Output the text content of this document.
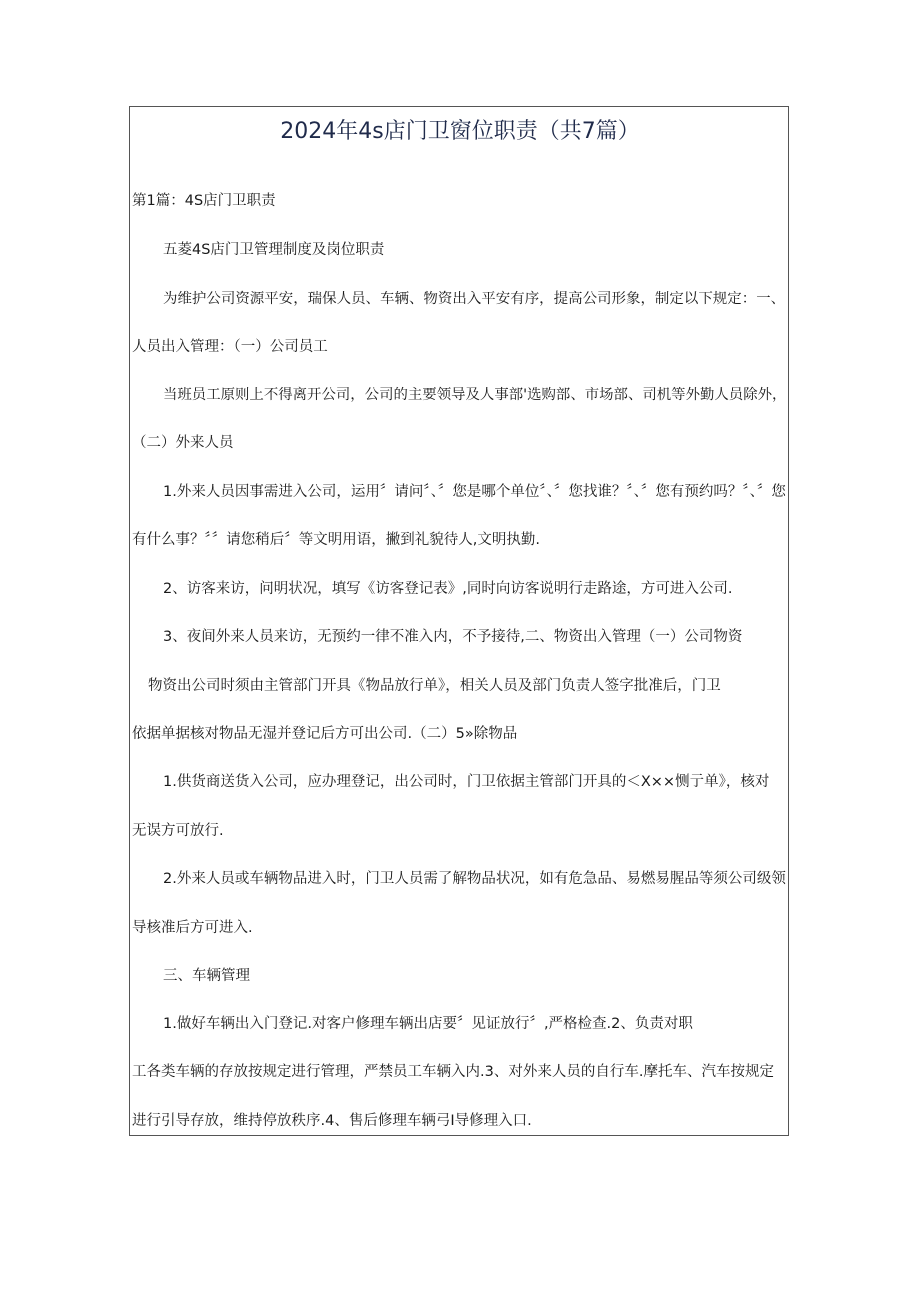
2024年4s店门卫窗位职责（共7篇）
第1篇：4S店门卫职责
五菱4S店门卫管理制度及岗位职责
为维护公司资源平安，瑞保人员、车辆、物资出入平安有序，提高公司形象，制定以下规定：一、
人员出入管理：（一）公司员工
当班员工原则上不得离开公司，公司的主要领导及人事部'选购部、市场部、司机等外勤人员除外，
（二）外来人员
1.外来人员因事需进入公司，运用〞请问〞、〞您是哪个单位〞、〞您找谁？〞、〞您有预约吗？〞、〞您
有什么事？〞〞请您稍后〞等文明用语，撇到礼貌待人,文明执勤.
2、访客来访，问明状况，填写《访客登记表》,同时向访客说明行走路途，方可进入公司.
3、夜间外来人员来访，无预约一律不准入内，不予接待,二、物资出入管理（一）公司物资
物资出公司时须由主管部门开具《物品放行单》，相关人员及部门负责人签字批准后，门卫
依据单据核对物品无湿并登记后方可出公司.（二）5»除物品
1.供货商送货入公司，应办理登记，出公司时，门卫依据主管部门开具的＜X××恻亍单》，核对
无误方可放行.
2.外来人员或车辆物品进入时，门卫人员需了解物品状况，如有危急品、易燃易腥品等须公司级领
导核准后方可进入.
三、车辆管理
1.做好车辆出入门登记.对客户修理车辆出店要〞见证放行〞,严格检查.2、负责对职
工各类车辆的存放按规定进行管理，严禁员工车辆入内.3、对外来人员的自行车.摩托车、汽车按规定
进行引导存放，维持停放秩序.4、售后修理车辆弓I导修理入口.
